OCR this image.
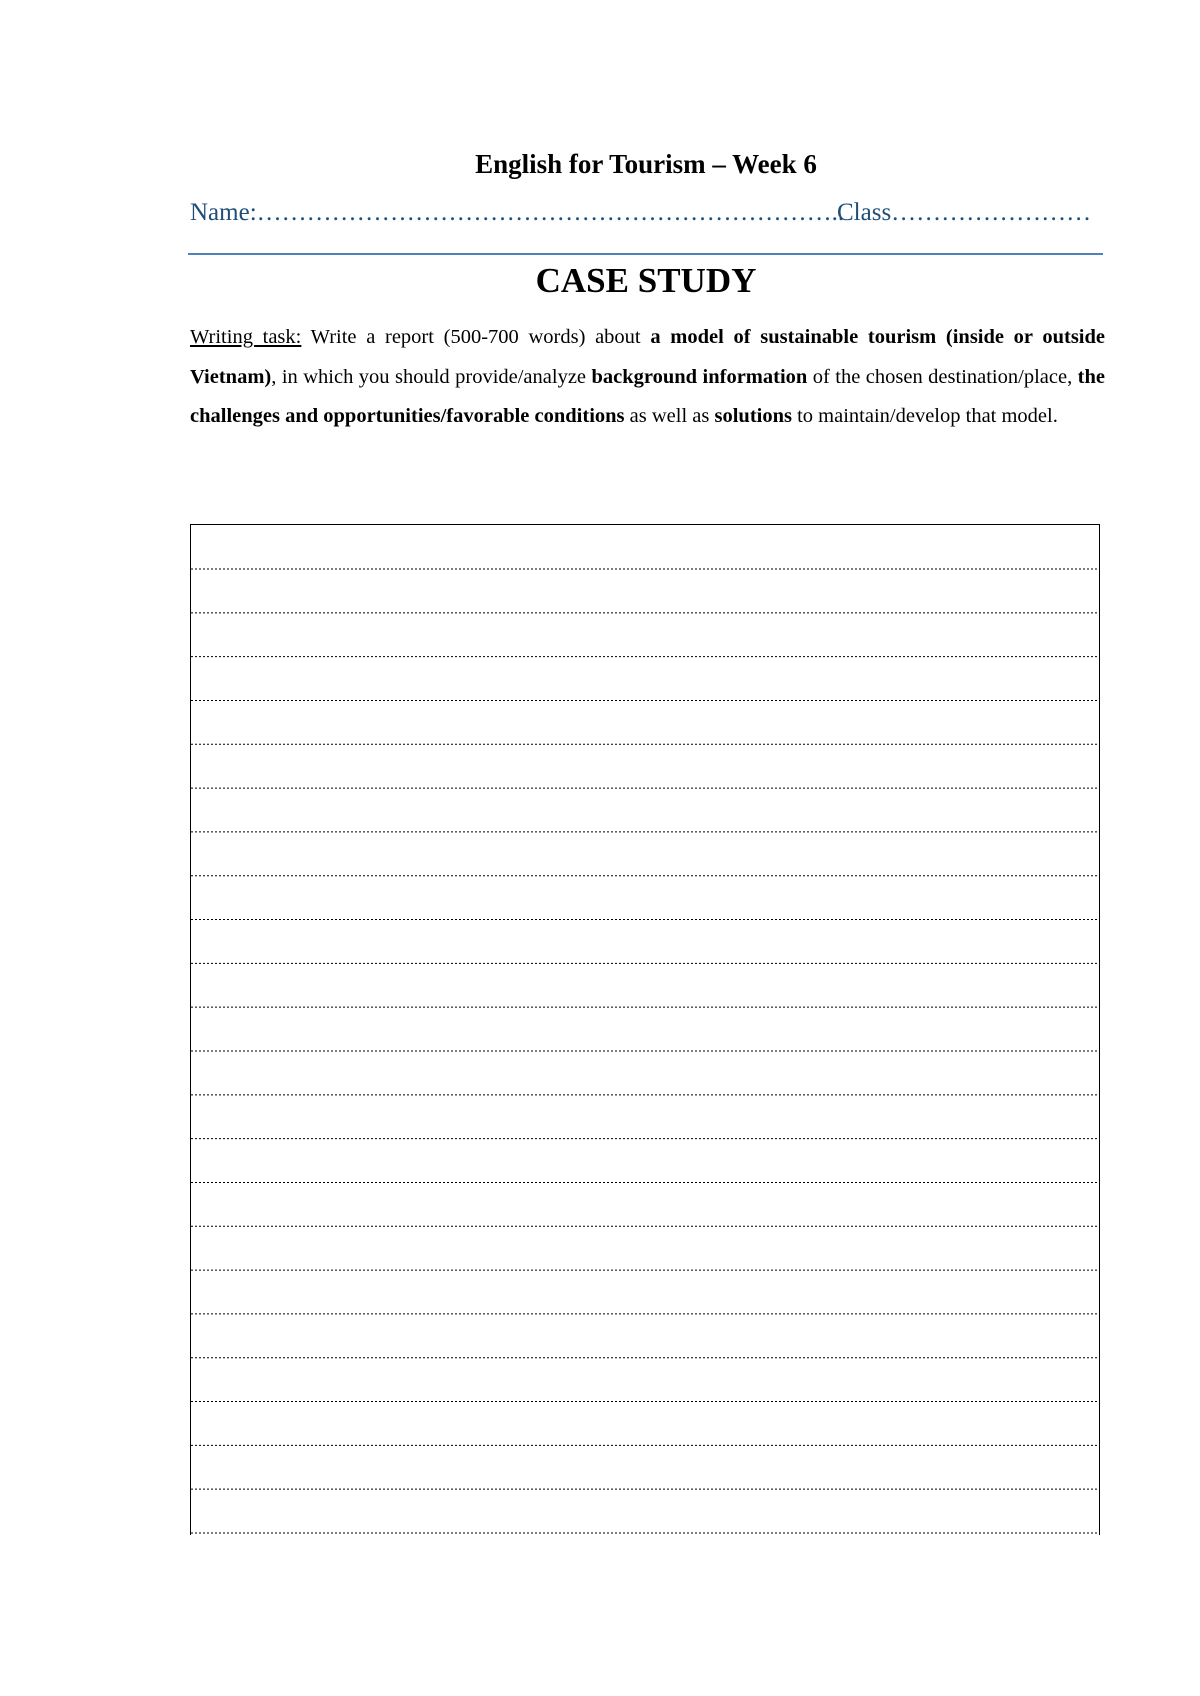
English for Tourism – Week 6
Name:……………………………………………………………..
Class……………………
CASE STUDY
Writing task: Write a report (500-700 words) about a model of sustainable tourism (inside or outside Vietnam), in which you should provide/analyze background information of the chosen destination/place, the challenges and opportunities/favorable conditions as well as solutions to maintain/develop that model.
